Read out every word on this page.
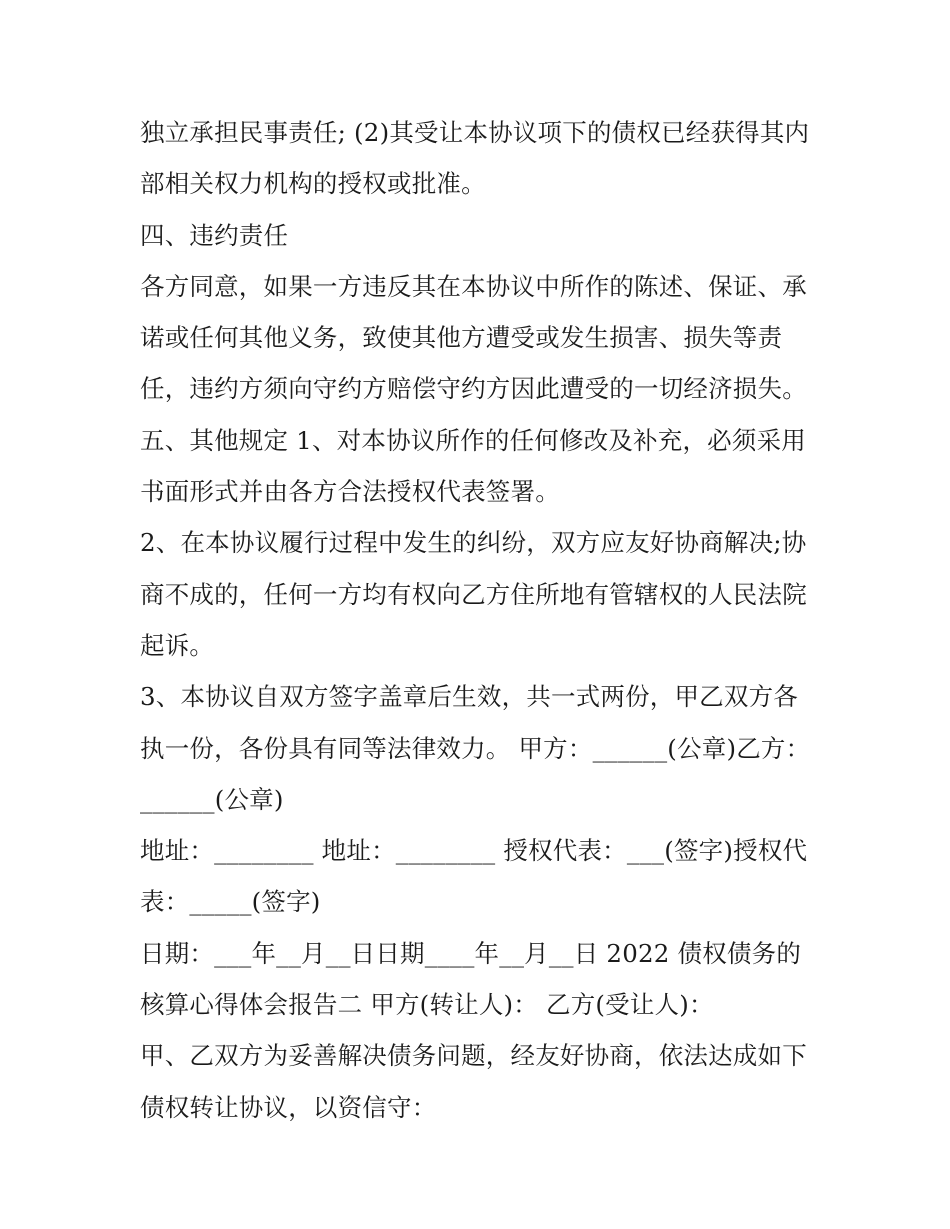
独立承担民事责任; (2)其受让本协议项下的债权已经获得其内
部相关权力机构的授权或批准。
四、违约责任
各方同意，如果一方违反其在本协议中所作的陈述、保证、承
诺或任何其他义务，致使其他方遭受或发生损害、损失等责
任，违约方须向守约方赔偿守约方因此遭受的一切经济损失。
五、其他规定 1、对本协议所作的任何修改及补充，必须采用
书面形式并由各方合法授权代表签署。
2、在本协议履行过程中发生的纠纷，双方应友好协商解决;协
商不成的，任何一方均有权向乙方住所地有管辖权的人民法院
起诉。
3、本协议自双方签字盖章后生效，共一式两份，甲乙双方各
执一份，各份具有同等法律效力。 甲方：______(公章)乙方：
______(公章)
地址：________ 地址：________ 授权代表：___(签字)授权代
表：_____(签字)
日期：___年__月__日日期____年__月__日 2022 债权债务的
核算心得体会报告二 甲方(转让人)： 乙方(受让人)：
甲、乙双方为妥善解决债务问题，经友好协商，依法达成如下
债权转让协议，以资信守：
